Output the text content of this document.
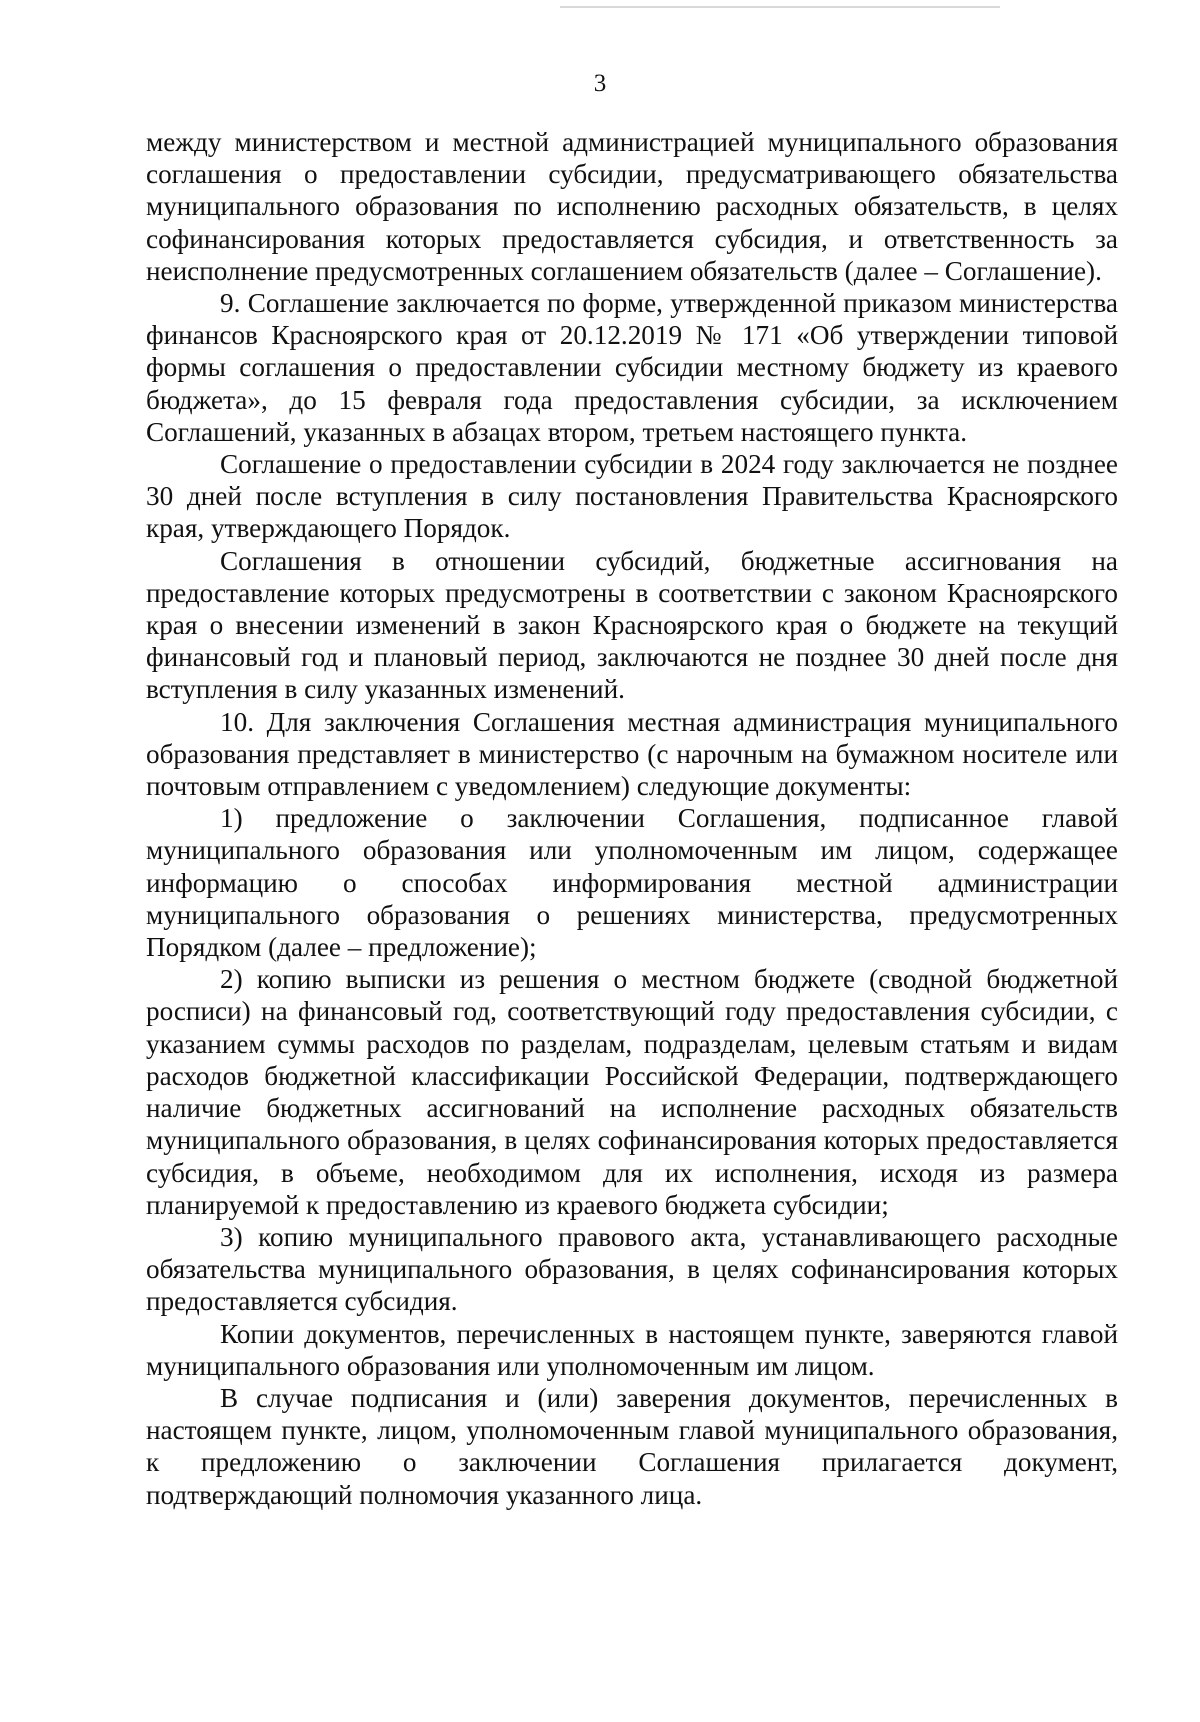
3

между министерством и местной администрацией муниципального образования соглашения о предоставлении субсидии, предусматривающего обязательства муниципального образования по исполнению расходных обязательств, в целях софинансирования которых предоставляется субсидия, и ответственность за неисполнение предусмотренных соглашением обязательств (далее – Соглашение).

9. Соглашение заключается по форме, утвержденной приказом министерства финансов Красноярского края от 20.12.2019 № 171 «Об утверждении типовой формы соглашения о предоставлении субсидии местному бюджету из краевого бюджета», до 15 февраля года предоставления субсидии, за исключением Соглашений, указанных в абзацах втором, третьем настоящего пункта.

Соглашение о предоставлении субсидии в 2024 году заключается не позднее 30 дней после вступления в силу постановления Правительства Красноярского края, утверждающего Порядок.

Соглашения в отношении субсидий, бюджетные ассигнования на предоставление которых предусмотрены в соответствии с законом Красноярского края о внесении изменений в закон Красноярского края о бюджете на текущий финансовый год и плановый период, заключаются не позднее 30 дней после дня вступления в силу указанных изменений.

10. Для заключения Соглашения местная администрация муниципального образования представляет в министерство (с нарочным на бумажном носителе или почтовым отправлением с уведомлением) следующие документы:

1) предложение о заключении Соглашения, подписанное главой муниципального образования или уполномоченным им лицом, содержащее информацию о способах информирования местной администрации муниципального образования о решениях министерства, предусмотренных Порядком (далее – предложение);

2) копию выписки из решения о местном бюджете (сводной бюджетной росписи) на финансовый год, соответствующий году предоставления субсидии, с указанием суммы расходов по разделам, подразделам, целевым статьям и видам расходов бюджетной классификации Российской Федерации, подтверждающего наличие бюджетных ассигнований на исполнение расходных обязательств муниципального образования, в целях софинансирования которых предоставляется субсидия, в объеме, необходимом для их исполнения, исходя из размера планируемой к предоставлению из краевого бюджета субсидии;

3) копию муниципального правового акта, устанавливающего расходные обязательства муниципального образования, в целях софинансирования которых предоставляется субсидия.

Копии документов, перечисленных в настоящем пункте, заверяются главой муниципального образования или уполномоченным им лицом.

В случае подписания и (или) заверения документов, перечисленных в настоящем пункте, лицом, уполномоченным главой муниципального образования, к предложению о заключении Соглашения прилагается документ, подтверждающий полномочия указанного лица.
